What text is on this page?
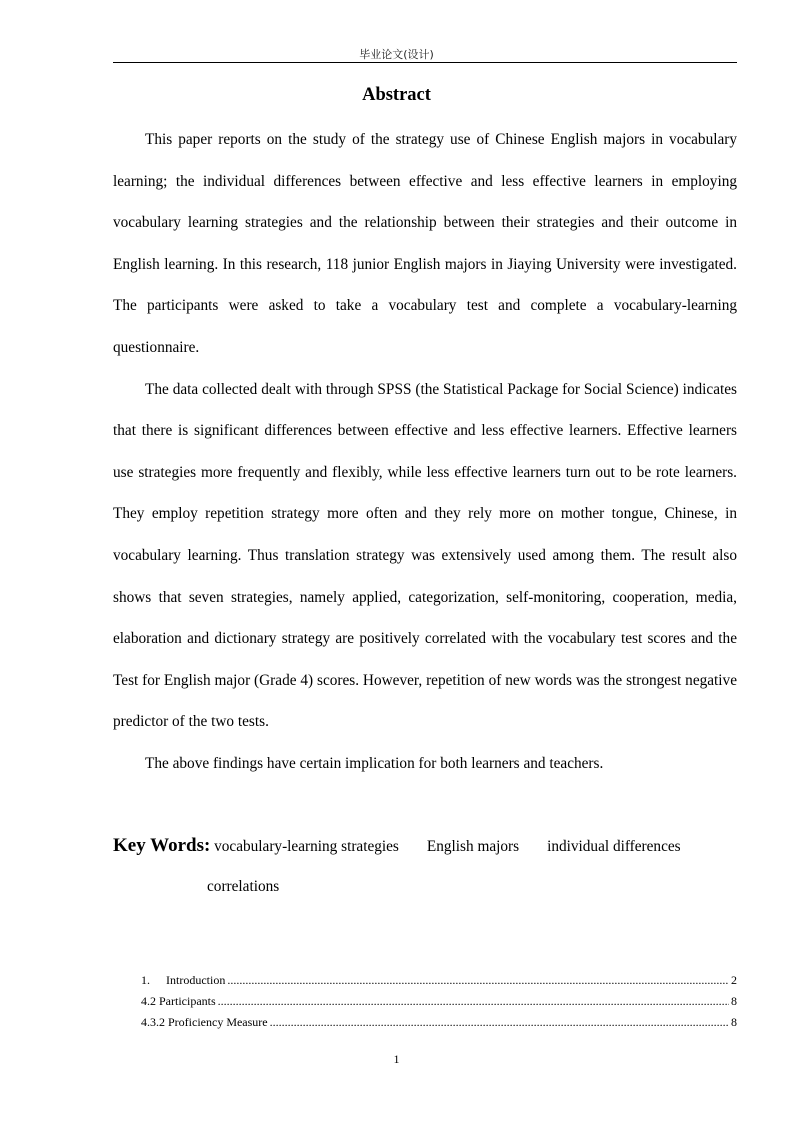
毕业论文(设计)
Abstract

This paper reports on the study of the strategy use of Chinese English majors in vocabulary learning; the individual differences between effective and less effective learners in employing vocabulary learning strategies and the relationship between their strategies and their outcome in English learning. In this research, 118 junior English majors in Jiaying University were investigated. The participants were asked to take a vocabulary test and complete a vocabulary-learning questionnaire.

The data collected dealt with through SPSS (the Statistical Package for Social Science) indicates that there is significant differences between effective and less effective learners. Effective learners use strategies more frequently and flexibly, while less effective learners turn out to be rote learners. They employ repetition strategy more often and they rely more on mother tongue, Chinese, in vocabulary learning. Thus translation strategy was extensively used among them. The result also shows that seven strategies, namely applied, categorization, self-monitoring, cooperation, media, elaboration and dictionary strategy are positively correlated with the vocabulary test scores and the Test for English major (Grade 4) scores. However, repetition of new words was the strongest negative predictor of the two tests.

The above findings have certain implication for both learners and teachers.

Key Words: vocabulary-learning strategies English majors individual differences
correlations
1.	Introduction .....	2
4.2 Participants .....	8
4.3.2 Proficiency Measure .....	8
1
